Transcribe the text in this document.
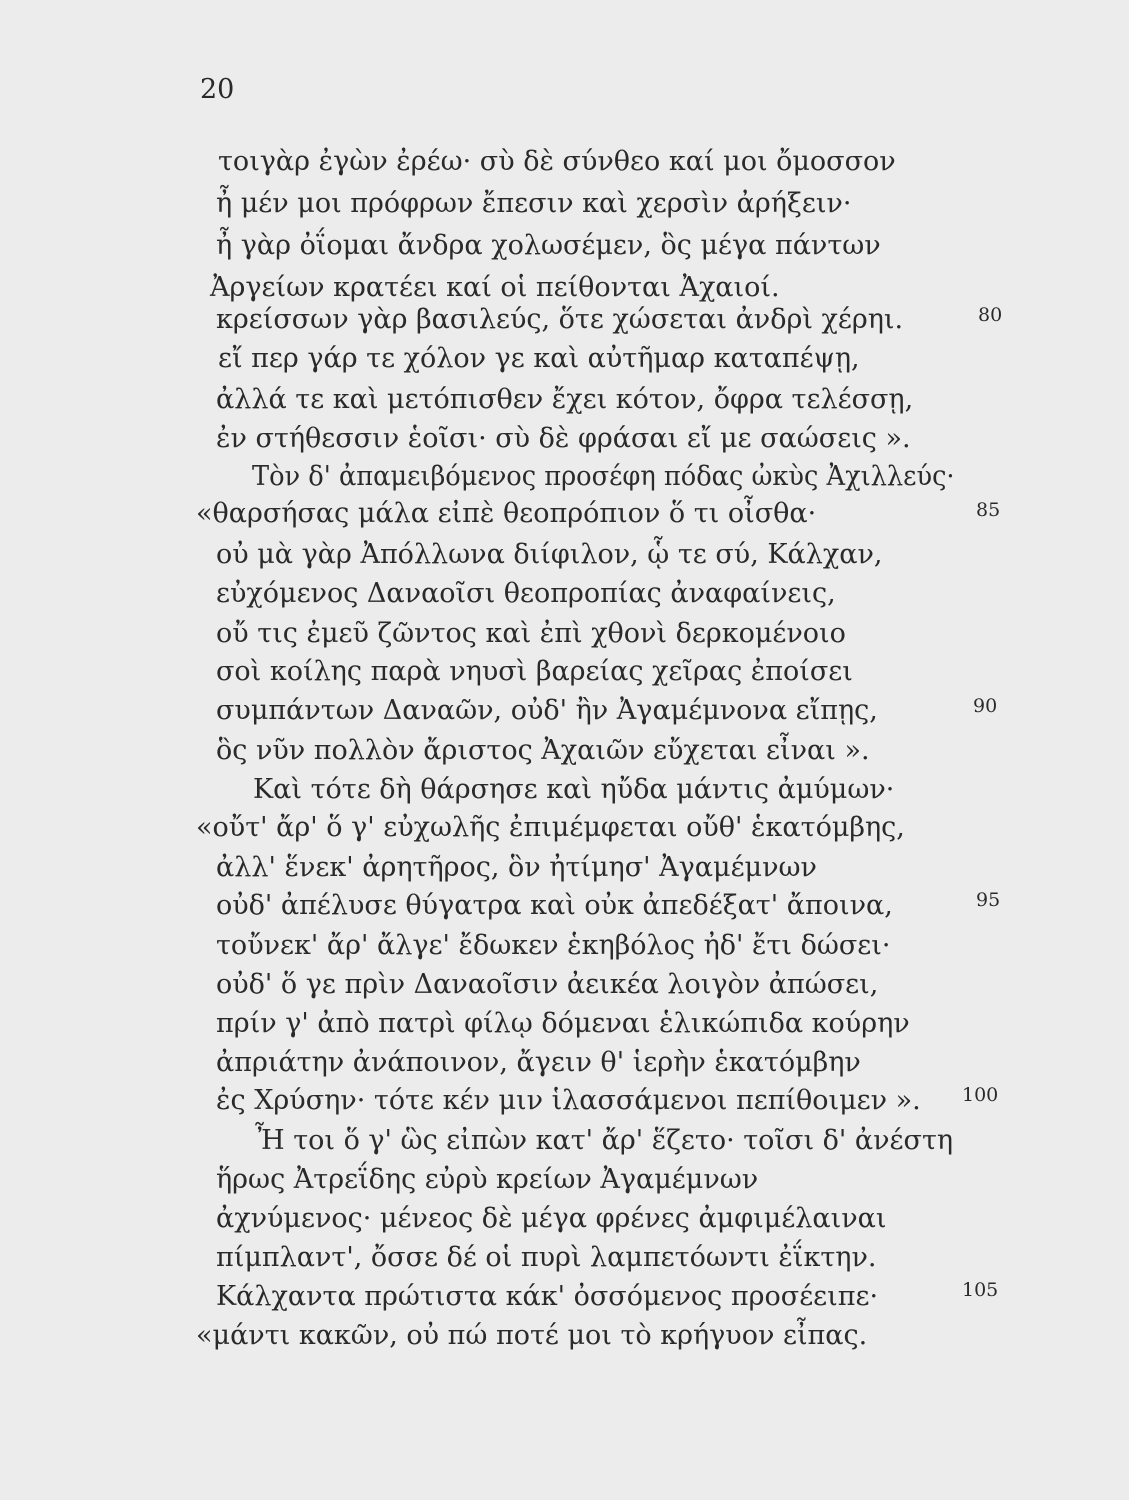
20
τοιγὰρ ἐγὼν ἐρέω· σὺ δὲ σύνθεο καί μοι ὄμοσσον
ἦ μέν μοι πρόφρων ἔπεσιν καὶ χερσὶν ἀρήξειν·
ἦ γὰρ ὀΐομαι ἄνδρα χολωσέμεν, ὃς μέγα πάντων
Ἀργείων κρατέει καί οἱ πείθονται Ἀχαιοί.
κρείσσων γὰρ βασιλεύς, ὅτε χώσεται ἀνδρὶ χέρηι.
εἴ περ γάρ τε χόλον γε καὶ αὐτῆμαρ καταπέψῃ,
ἀλλά τε καὶ μετόπισθεν ἔχει κότον, ὄφρα τελέσσῃ,
ἐν στήθεσσιν ἑοῖσι· σὺ δὲ φράσαι εἴ με σαώσεις ».
Τὸν δ' ἀπαμειβόμενος προσέφη πόδας ὠκὺς Ἀχιλλεύς·
«θαρσήσας μάλα εἰπὲ θεοπρόπιον ὅ τι οἶσθα·
οὐ μὰ γὰρ Ἀπόλλωνα διίφιλον, ᾧ τε σύ, Κάλχαν,
εὐχόμενος Δαναοῖσι θεοπροπίας ἀναφαίνεις,
οὔ τις ἐμεῦ ζῶντος καὶ ἐπὶ χθονὶ δερκομένοιο
σοὶ κοίλης παρὰ νηυσὶ βαρείας χεῖρας ἐποίσει
συμπάντων Δαναῶν, οὐδ' ἢν Ἀγαμέμνονα εἴπῃς,
ὃς νῦν πολλὸν ἄριστος Ἀχαιῶν εὔχεται εἶναι ».
Καὶ τότε δὴ θάρσησε καὶ ηὔδα μάντις ἀμύμων·
«οὔτ' ἄρ' ὅ γ' εὐχωλῆς ἐπιμέμφεται οὔθ' ἑκατόμβης,
ἀλλ' ἕνεκ' ἀρητῆρος, ὃν ἠτίμησ' Ἀγαμέμνων
οὐδ' ἀπέλυσε θύγατρα καὶ οὐκ ἀπεδέξατ' ἄποινα,
τοὔνεκ' ἄρ' ἄλγε' ἔδωκεν ἑκηβόλος ἠδ' ἔτι δώσει·
οὐδ' ὅ γε πρὶν Δαναοῖσιν ἀεικέα λοιγὸν ἀπώσει,
πρίν γ' ἀπὸ πατρὶ φίλῳ δόμεναι ἑλικώπιδα κούρην
ἀπριάτην ἀνάποινον, ἄγειν θ' ἱερὴν ἑκατόμβην
ἐς Χρύσην· τότε κέν μιν ἱλασσάμενοι πεπίθοιμεν ».
Ἦ τοι ὅ γ' ὣς εἰπὼν κατ' ἄρ' ἕζετο· τοῖσι δ' ἀνέστη
ἥρως Ἀτρεΐδης εὐρὺ κρείων Ἀγαμέμνων
ἀχνύμενος· μένεος δὲ μέγα φρένες ἀμφιμέλαιναι
πίμπλαντ', ὄσσε δέ οἱ πυρὶ λαμπετόωντι ἐΐκτην.
Κάλχαντα πρώτιστα κάκ' ὀσσόμενος προσέειπε·
«μάντι κακῶν, οὐ πώ ποτέ μοι τὸ κρήγυον εἶπας.
80
85
90
95
100
105
